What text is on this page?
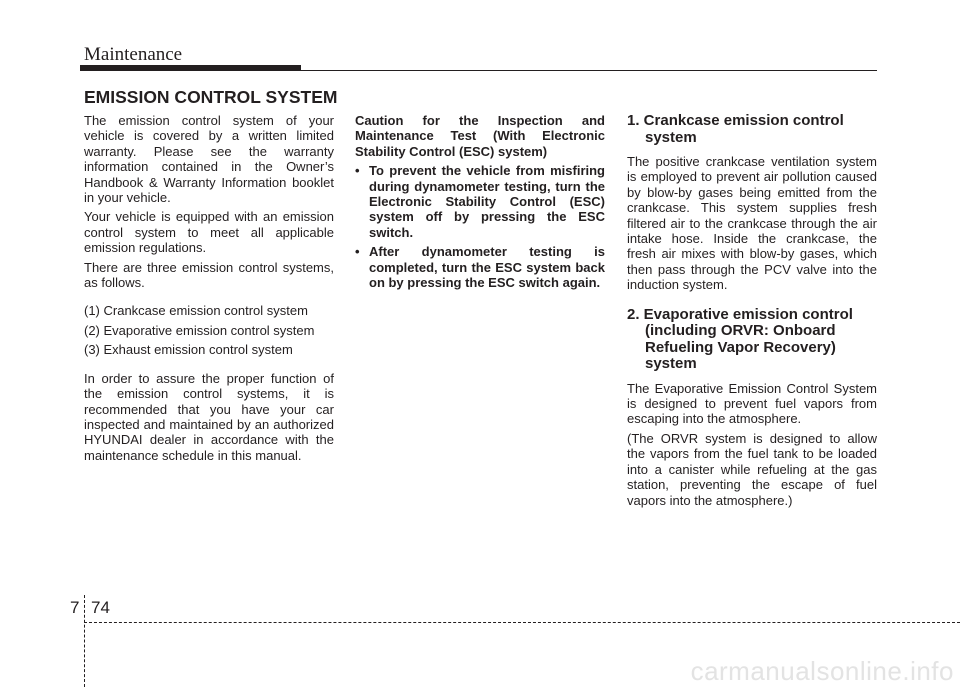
Maintenance
EMISSION CONTROL SYSTEM

The emission control system of your vehicle is covered by a written limited warranty. Please see the warranty information contained in the Owner’s Handbook & Warranty Information booklet in your vehicle.

Your vehicle is equipped with an emission control system to meet all applicable emission regulations.

There are three emission control systems, as follows.

(1) Crankcase emission control system

(2) Evaporative emission control system

(3) Exhaust emission control system

In order to assure the proper function of the emission control systems, it is recommended that you have your car inspected and maintained by an authorized HYUNDAI dealer in accordance with the maintenance schedule in this manual.

Caution for the Inspection and Maintenance Test (With Electronic Stability Control (ESC) system)

• To prevent the vehicle from misfiring during dynamometer testing, turn the Electronic Stability Control (ESC) system off by pressing the ESC switch.
• After dynamometer testing is completed, turn the ESC system back on by pressing the ESC switch again.
1. Crankcase emission control system

The positive crankcase ventilation system is employed to prevent air pollution caused by blow-by gases being emitted from the crankcase. This system supplies fresh filtered air to the crankcase through the air intake hose. Inside the crankcase, the fresh air mixes with blow-by gases, which then pass through the PCV valve into the induction system.

2. Evaporative emission control (including ORVR: Onboard Refueling Vapor Recovery) system

The Evaporative Emission Control System is designed to prevent fuel vapors from escaping into the atmosphere.

(The ORVR system is designed to allow the vapors from the fuel tank to be loaded into a canister while refueling at the gas station, preventing the escape of fuel vapors into the atmosphere.)

7 74
carmanualsonline.info
